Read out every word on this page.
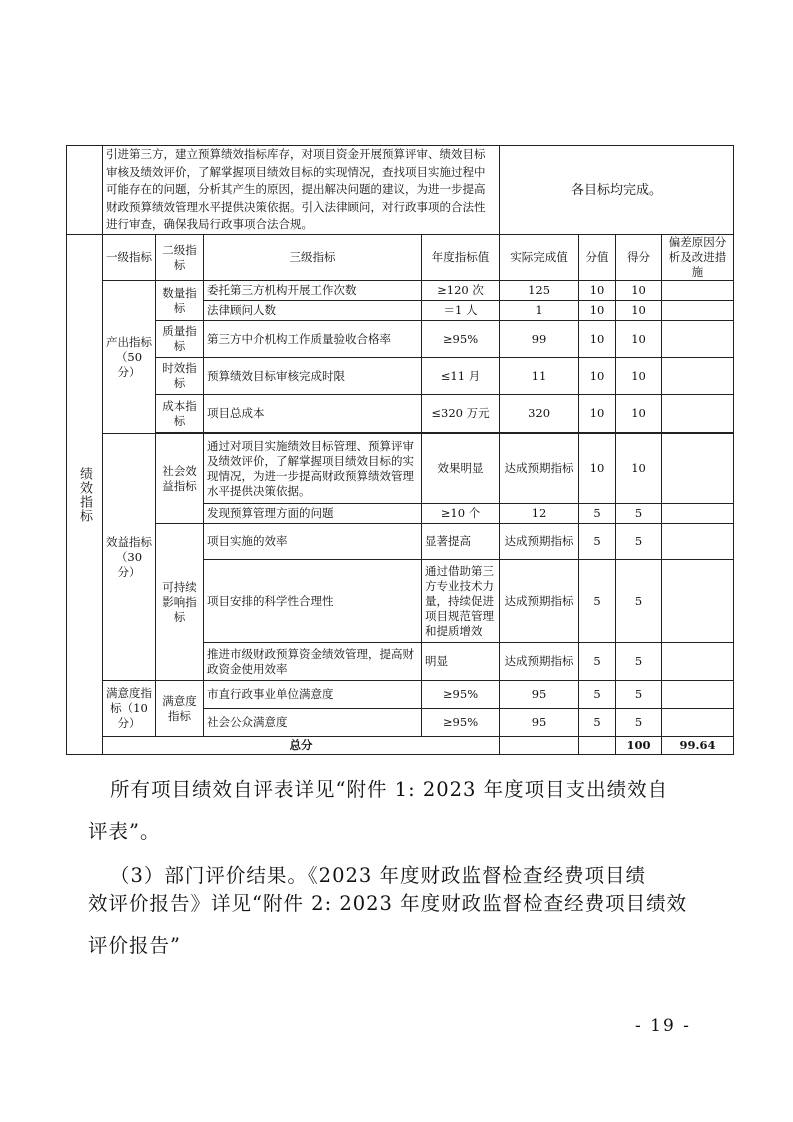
	引进第三方，建立预算绩效指标库存，对项目资金开展预算评审、绩效目标审核及绩效评价，了解掌握项目绩效目标的实现情况，查找项目实施过程中可能存在的问题，分析其产生的原因，提出解决问题的建议，为进一步提高财政预算绩效管理水平提供决策依据。引入法律顾问，对行政事项的合法性进行审查，确保我局行政事项合法合规。				各目标均完成。				
绩效指标	一级指标	二级指标	三级指标	年度指标值	实际完成值	分值	得分	偏差原因分析及改进措施	
	产出指标（50 分）	数量指标	委托第三方机构开展工作次数	≥120 次	125	10	10		
			法律顾问人数	＝1 人	1	10	10		
		质量指标	第三方中介机构工作质量验收合格率	≥95%	99	10	10		
		时效指标	预算绩效目标审核完成时限	≤11 月	11	10	10		
		成本指标	项目总成本	≤320 万元	320	10	10		

	效益指标（30 分）	社会效益指标	通过对项目实施绩效目标管理、预算评审及绩效评价，了解掌握项目绩效目标的实现情况，为进一步提高财政预算绩效管理水平提供决策依据。	效果明显	达成预期指标	10	10		
			发现预算管理方面的问题	≥10 个	12	5	5		
		可持续影响指标	项目实施的效率	显著提高	达成预期指标	5	5		
			项目安排的科学性合理性	通过借助第三方专业技术力量，持续促进项目规范管理和提质增效	达成预期指标	5	5		
			推进市级财政预算资金绩效管理，提高财政资金使用效率	明显	达成预期指标	5	5		
	满意度指标（10 分）	满意度指标	市直行政事业单位满意度	≥95%	95	5	5		
			社会公众满意度	≥95%	95	5	5		
	总分						100	99.64	
所有项目绩效自评表详见“附件 1: 2023 年度项目支出绩效自
评表”。
（3）部门评价结果。《2023 年度财政监督检查经费项目绩
效评价报告》详见“附件 2: 2023 年度财政监督检查经费项目绩效
评价报告”
- 19 -
